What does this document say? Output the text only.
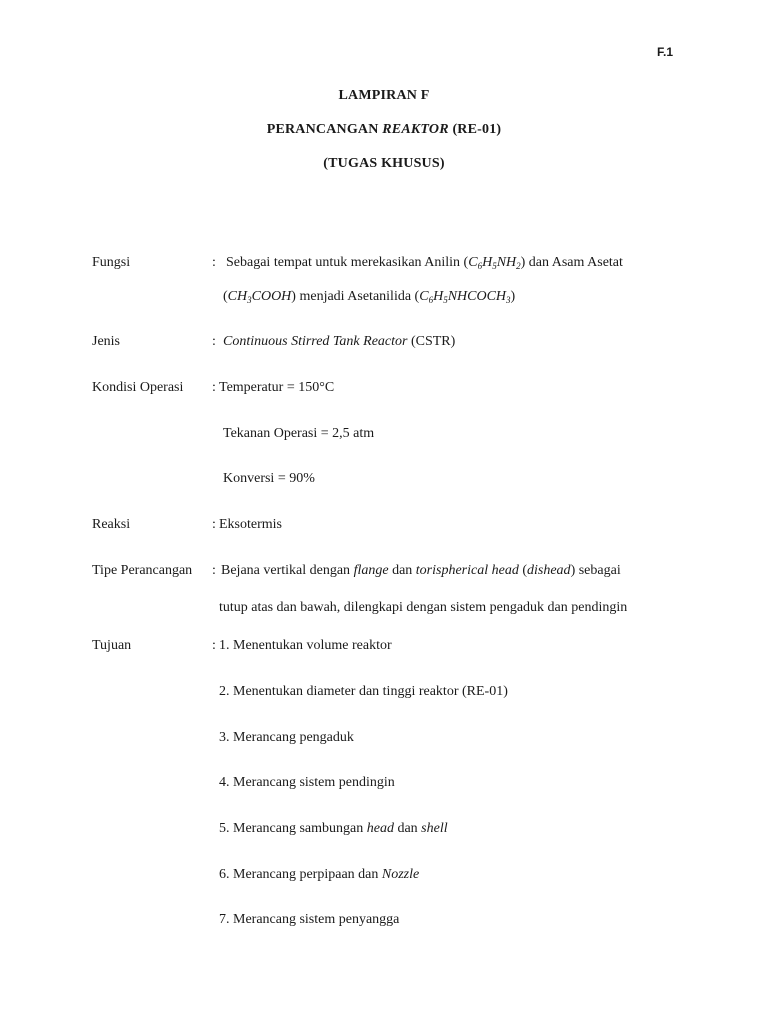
F.1
LAMPIRAN F
PERANCANGAN REAKTOR (RE-01)
(TUGAS KHUSUS)
Fungsi	: Sebagai tempat untuk merekasikan Anilin $(C_6H_5NH_2)$ dan Asam Asetat
$(CH_3COOH)$ menjadi Asetanilida $(C_6H_5NHCOCH_3)$
Jenis	: Continuous Stirred Tank Reactor (CSTR)
Kondisi Operasi : Temperatur = 150°C
Tekanan Operasi = 2,5 atm
Konversi = 90%
Reaksi	: Eksotermis
Tipe Perancangan : Bejana vertikal dengan flange dan torispherical head (dishead) sebagai
tutup atas dan bawah, dilengkapi dengan sistem pengaduk dan pendingin
Tujuan	: 1. Menentukan volume reaktor
2. Menentukan diameter dan tinggi reaktor (RE-01)
3. Merancang pengaduk
4. Merancang sistem pendingin
5. Merancang sambungan head dan shell
6. Merancang perpipaan dan Nozzle
7. Merancang sistem penyangga
